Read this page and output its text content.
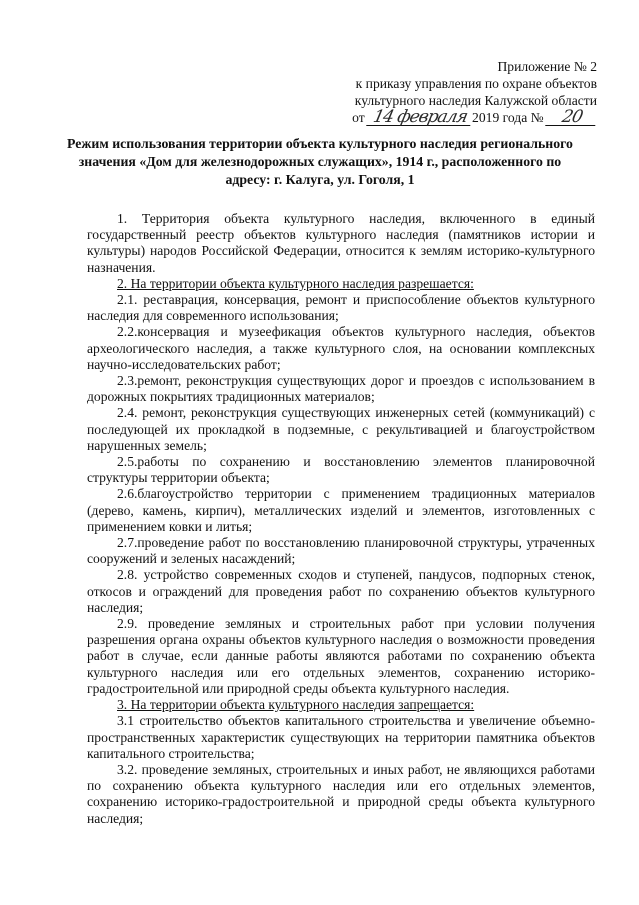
Приложение № 2
к приказу управления по охране объектов
культурного наследия Калужской области
от 14 февраля 2019 года № 20
Режим использования территории объекта культурного наследия регионального значения «Дом для железнодорожных служащих», 1914 г., расположенного по адресу: г. Калуга, ул. Гоголя, 1

1. Территория объекта культурного наследия, включенного в единый государственный реестр объектов культурного наследия (памятников истории и культуры) народов Российской Федерации, относится к землям историко-культурного назначения.

2. На территории объекта культурного наследия разрешается:

2.1. реставрация, консервация, ремонт и приспособление объектов культурного наследия для современного использования;

2.2.консервация и музеефикация объектов культурного наследия, объектов археологического наследия, а также культурного слоя, на основании комплексных научно-исследовательских работ;

2.3.ремонт, реконструкция существующих дорог и проездов с использованием в дорожных покрытиях традиционных материалов;

2.4. ремонт, реконструкция существующих инженерных сетей (коммуникаций) с последующей их прокладкой в подземные, с рекультивацией и благоустройством нарушенных земель;

2.5.работы по сохранению и восстановлению элементов планировочной структуры территории объекта;

2.6.благоустройство территории с применением традиционных материалов (дерево, камень, кирпич), металлических изделий и элементов, изготовленных с применением ковки и литья;

2.7.проведение работ по восстановлению планировочной структуры, утраченных сооружений и зеленых насаждений;

2.8. устройство современных сходов и ступеней, пандусов, подпорных стенок, откосов и ограждений для проведения работ по сохранению объектов культурного наследия;

2.9. проведение земляных и строительных работ при условии получения разрешения органа охраны объектов культурного наследия о возможности проведения работ в случае, если данные работы являются работами по сохранению объекта культурного наследия или его отдельных элементов, сохранению историко-градостроительной или природной среды объекта культурного наследия.

3. На территории объекта культурного наследия запрещается:

3.1 строительство объектов капитального строительства и увеличение объемно-пространственных характеристик существующих на территории памятника объектов капитального строительства;

3.2. проведение земляных, строительных и иных работ, не являющихся работами по сохранению объекта культурного наследия или его отдельных элементов, сохранению историко-градостроительной и природной среды объекта культурного наследия;
